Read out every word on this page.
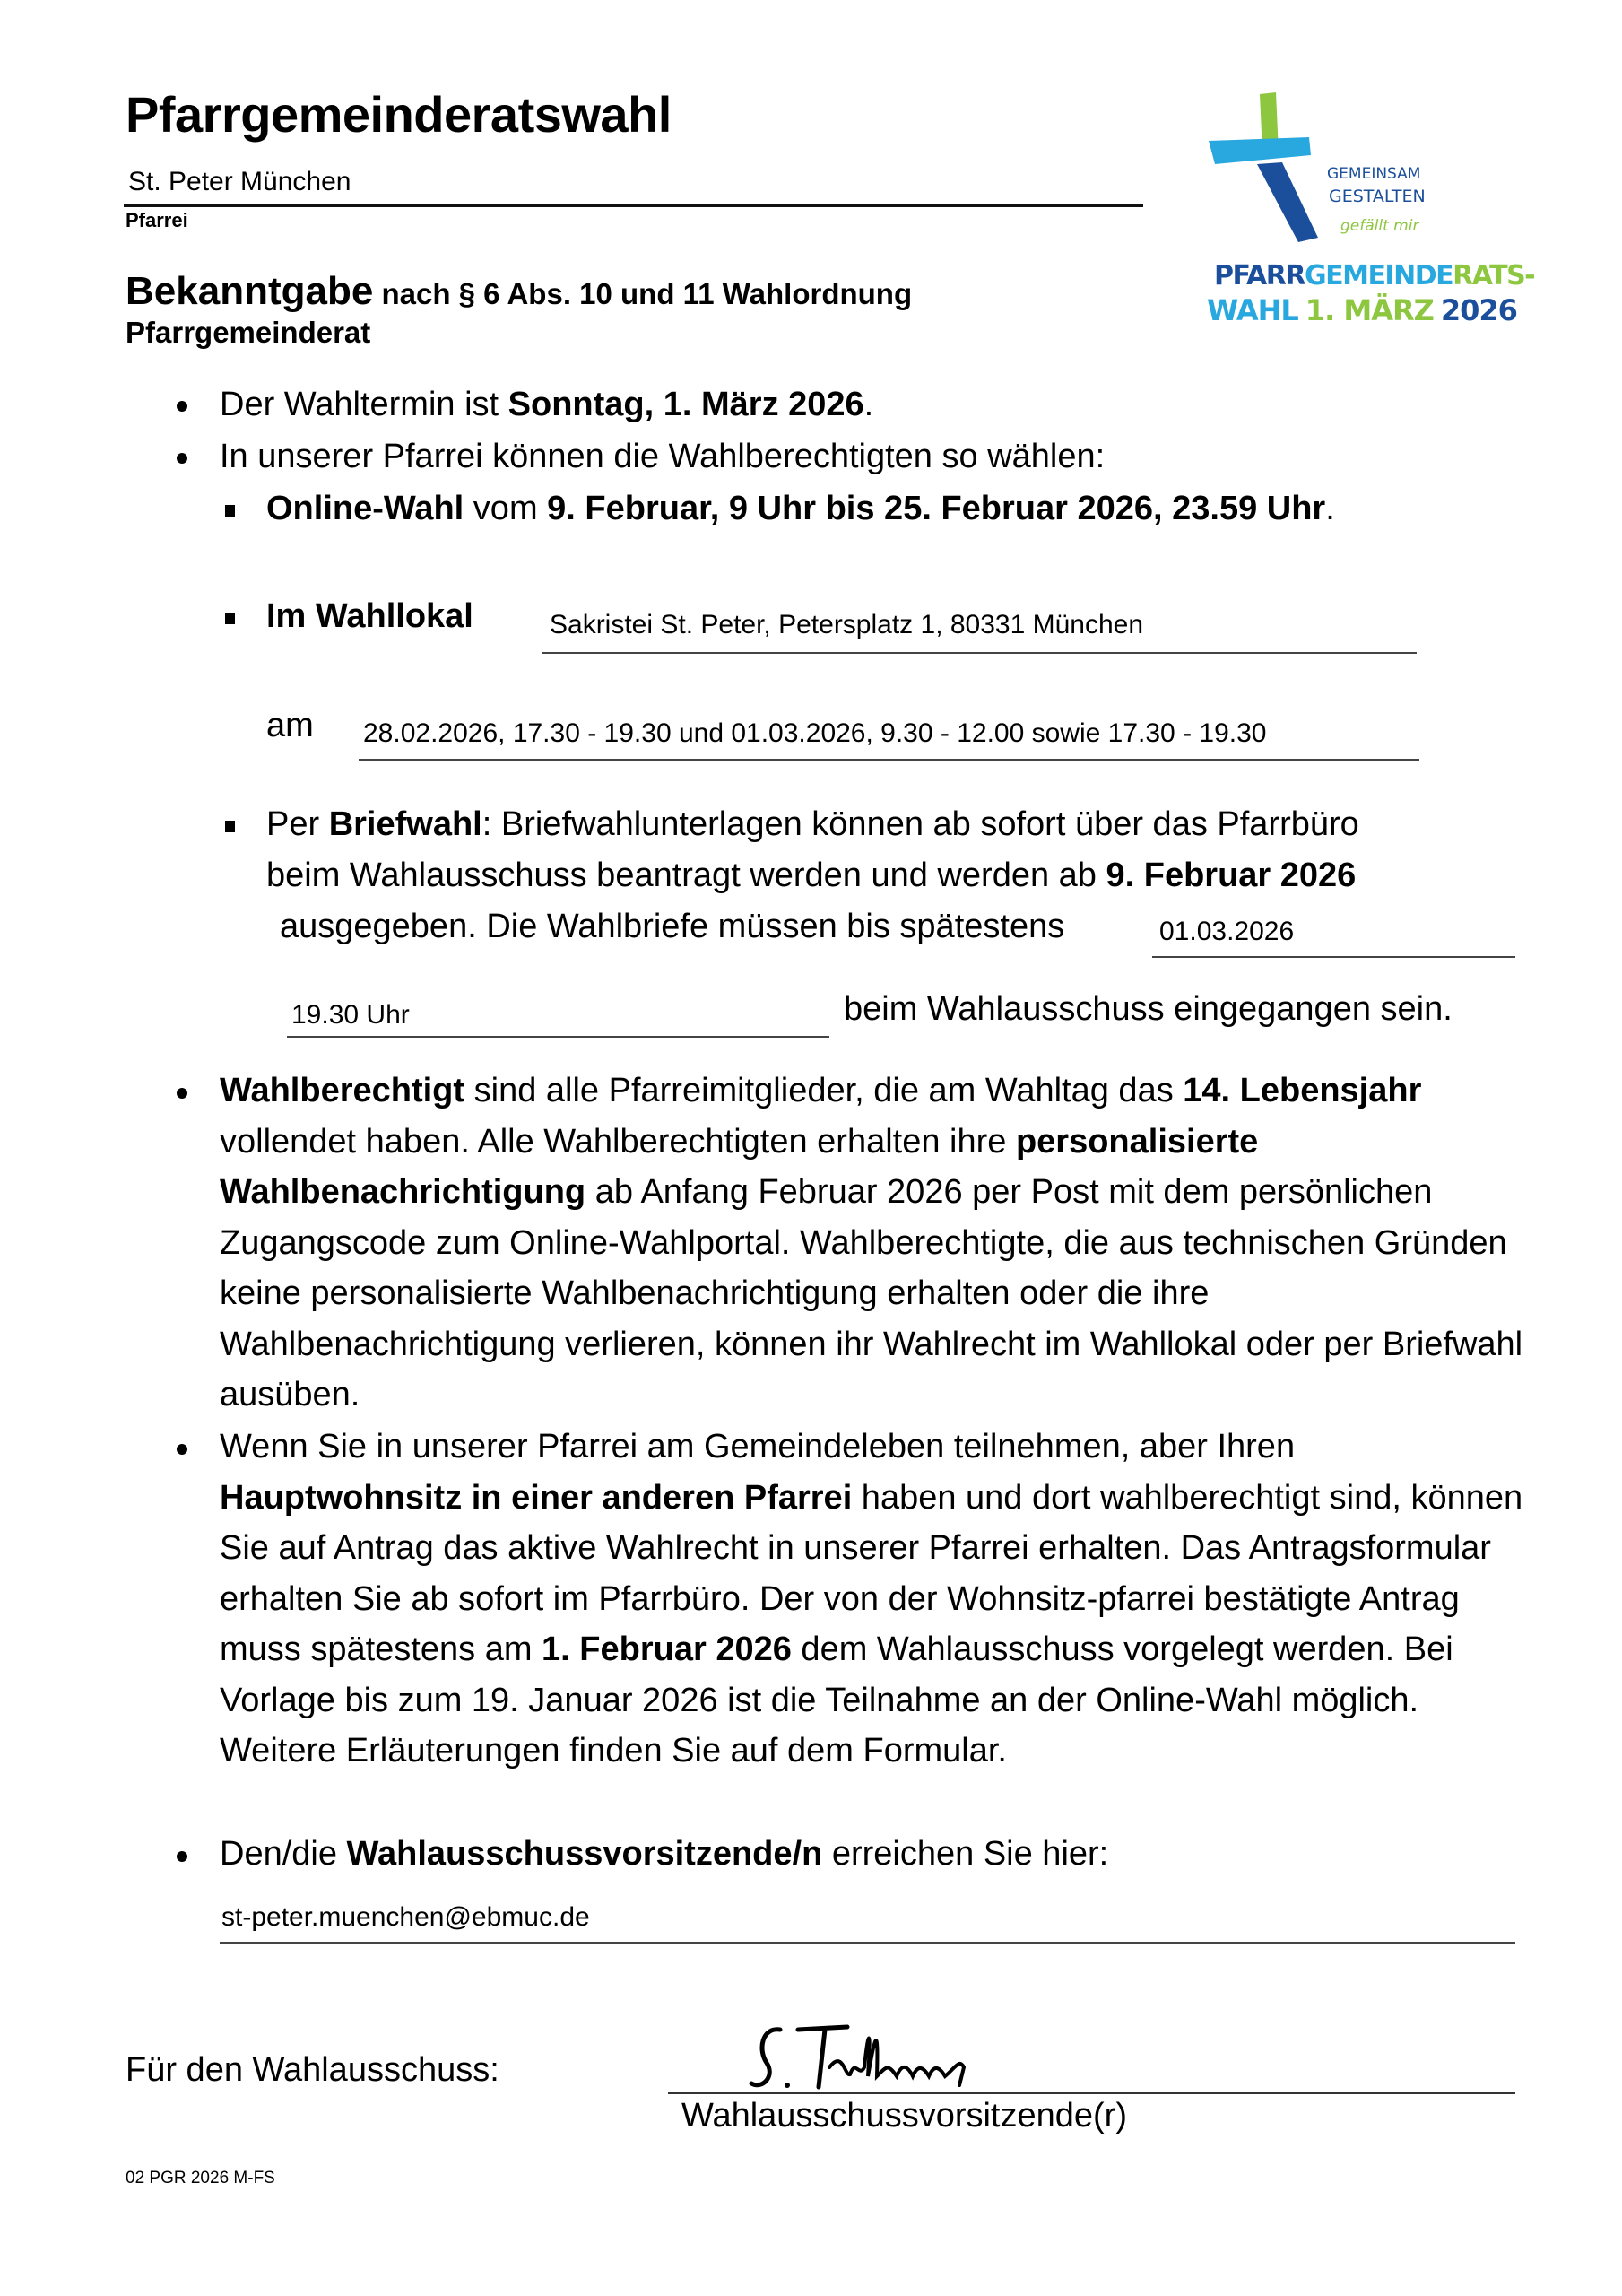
Pfarrgemeinderatswahl
St. Peter München
Pfarrei
Bekanntgabe nach § 6 Abs. 10 und 11 Wahlordnung
Pfarrgemeinderat
GEMEINSAM
GESTALTEN
gefällt mir
PFARRGEMEINDERATS-
WAHL 1. MÄRZ 2026
Der Wahltermin ist Sonntag, 1. März 2026.
In unserer Pfarrei können die Wahlberechtigten so wählen:
Online-Wahl vom 9. Februar, 9 Uhr bis 25. Februar 2026, 23.59 Uhr.
Im Wahllokal	Sakristei St. Peter, Petersplatz 1, 80331 München
am 28.02.2026, 17.30 - 19.30 und 01.03.2026, 9.30 - 12.00 sowie 17.30 - 19.30
Per Briefwahl: Briefwahlunterlagen können ab sofort über das Pfarrbüro
beim Wahlausschuss beantragt werden und werden ab 9. Februar 2026
ausgegeben. Die Wahlbriefe müssen bis spätestens	01.03.2026
19.30 Uhr	beim Wahlausschuss eingegangen sein.
Wahlberechtigt sind alle Pfarreimitglieder, die am Wahltag das 14. Lebensjahr vollendet haben. Alle Wahlberechtigten erhalten ihre personalisierte Wahlbenachrichtigung ab Anfang Februar 2026 per Post mit dem persönlichen Zugangscode zum Online-Wahlportal. Wahlberechtigte, die aus technischen Gründen keine personalisierte Wahlbenachrichtigung erhalten oder die ihre Wahlbenachrichtigung verlieren, können ihr Wahlrecht im Wahllokal oder per Briefwahl ausüben.
Wenn Sie in unserer Pfarrei am Gemeindeleben teilnehmen, aber Ihren Hauptwohnsitz in einer anderen Pfarrei haben und dort wahlberechtigt sind, können Sie auf Antrag das aktive Wahlrecht in unserer Pfarrei erhalten. Das Antragsformular erhalten Sie ab sofort im Pfarrbüro. Der von der Wohnsitz-pfarrei bestätigte Antrag muss spätestens am 1. Februar 2026 dem Wahlausschuss vorgelegt werden. Bei Vorlage bis zum 19. Januar 2026 ist die Teilnahme an der Online-Wahl möglich. Weitere Erläuterungen finden Sie auf dem Formular.
Den/die Wahlausschussvorsitzende/n erreichen Sie hier:
st-peter.muenchen@ebmuc.de
Für den Wahlausschuss:
Wahlausschussvorsitzende(r)
02 PGR 2026 M-FS
